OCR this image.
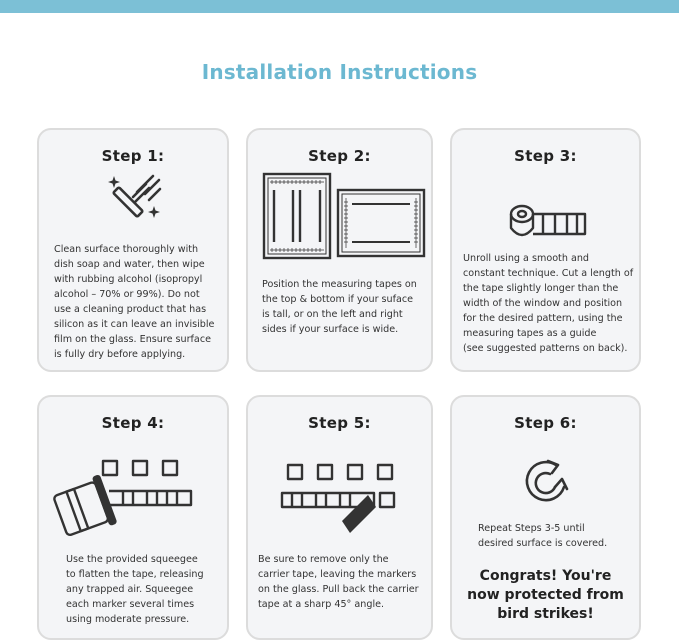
Installation Instructions
Step 1:
Clean surface thoroughly with
dish soap and water, then wipe
with rubbing alcohol (isopropyl
alcohol – 70% or 99%). Do not
use a cleaning product that has
silicon as it can leave an invisible
film on the glass. Ensure surface
is fully dry before applying.
Step 2:
Position the measuring tapes on
the top & bottom if your suface
is tall, or on the left and right
sides if your surface is wide.
Step 3:
Unroll using a smooth and
constant technique. Cut a length of
the tape slightly longer than the
width of the window and position
for the desired pattern, using the
measuring tapes as a guide
(see suggested patterns on back).
Step 4:
Use the provided squeegee
to flatten the tape, releasing
any trapped air. Squeegee
each marker several times
using moderate pressure.
Step 5:
Be sure to remove only the
carrier tape, leaving the markers
on the glass. Pull back the carrier
tape at a sharp 45° angle.
Step 6:
Repeat Steps 3-5 until
desired surface is covered.
Congrats! You're
now protected from
bird strikes!
